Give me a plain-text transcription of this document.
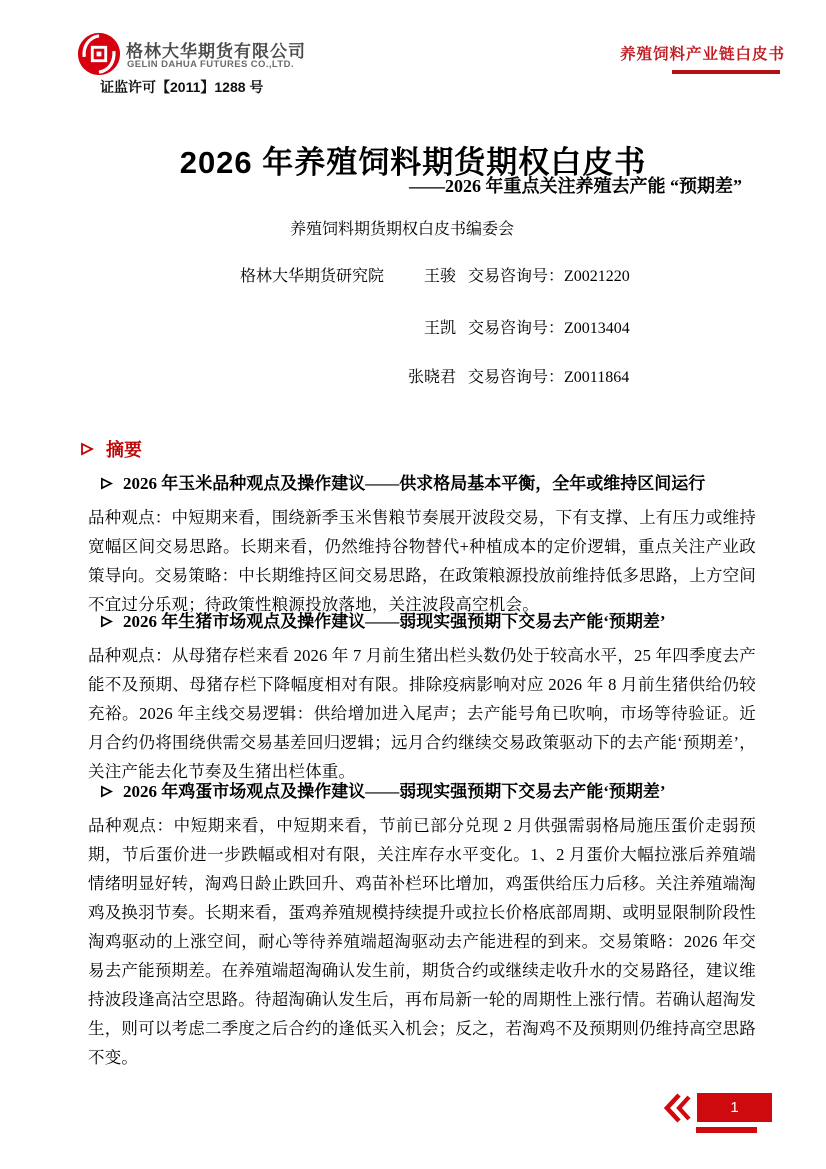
格林大华期货有限公司
GELIN DAHUA FUTURES CO.,LTD.
证监许可【2011】1288 号
养殖饲料产业链白皮书
2026 年养殖饲料期货期权白皮书
——2026 年重点关注养殖去产能 “预期差”
养殖饲料期货期权白皮书编委会
格林大华期货研究院	王骏 交易咨询号：Z0021220
王凯 交易咨询号：Z0013404
张晓君 交易咨询号：Z0011864
摘要
2026 年玉米品种观点及操作建议——供求格局基本平衡，全年或维持区间运行
品种观点：中短期来看，围绕新季玉米售粮节奏展开波段交易，下有支撑、上有压力或维持宽幅区间交易思路。长期来看，仍然维持谷物替代+种植成本的定价逻辑，重点关注产业政策导向。交易策略：中长期维持区间交易思路，在政策粮源投放前维持低多思路，上方空间不宜过分乐观；待政策性粮源投放落地，关注波段高空机会。
2026 年生猪市场观点及操作建议——弱现实强预期下交易去产能‘预期差’
品种观点：从母猪存栏来看 2026 年 7 月前生猪出栏头数仍处于较高水平，25 年四季度去产能不及预期、母猪存栏下降幅度相对有限。排除疫病影响对应 2026 年 8 月前生猪供给仍较充裕。2026 年主线交易逻辑：供给增加进入尾声；去产能号角已吹响，市场等待验证。近月合约仍将围绕供需交易基差回归逻辑；远月合约继续交易政策驱动下的去产能‘预期差’，关注产能去化节奏及生猪出栏体重。
2026 年鸡蛋市场观点及操作建议——弱现实强预期下交易去产能‘预期差’
品种观点：中短期来看，中短期来看，节前已部分兑现 2 月供强需弱格局施压蛋价走弱预期，节后蛋价进一步跌幅或相对有限，关注库存水平变化。1、2 月蛋价大幅拉涨后养殖端情绪明显好转，淘鸡日龄止跌回升、鸡苗补栏环比增加，鸡蛋供给压力后移。关注养殖端淘鸡及换羽节奏。长期来看，蛋鸡养殖规模持续提升或拉长价格底部周期、或明显限制阶段性淘鸡驱动的上涨空间，耐心等待养殖端超淘驱动去产能进程的到来。交易策略：2026 年交易去产能预期差。在养殖端超淘确认发生前，期货合约或继续走收升水的交易路径，建议维持波段逢高沽空思路。待超淘确认发生后，再布局新一轮的周期性上涨行情。若确认超淘发生，则可以考虑二季度之后合约的逢低买入机会；反之，若淘鸡不及预期则仍维持高空思路不变。
1
